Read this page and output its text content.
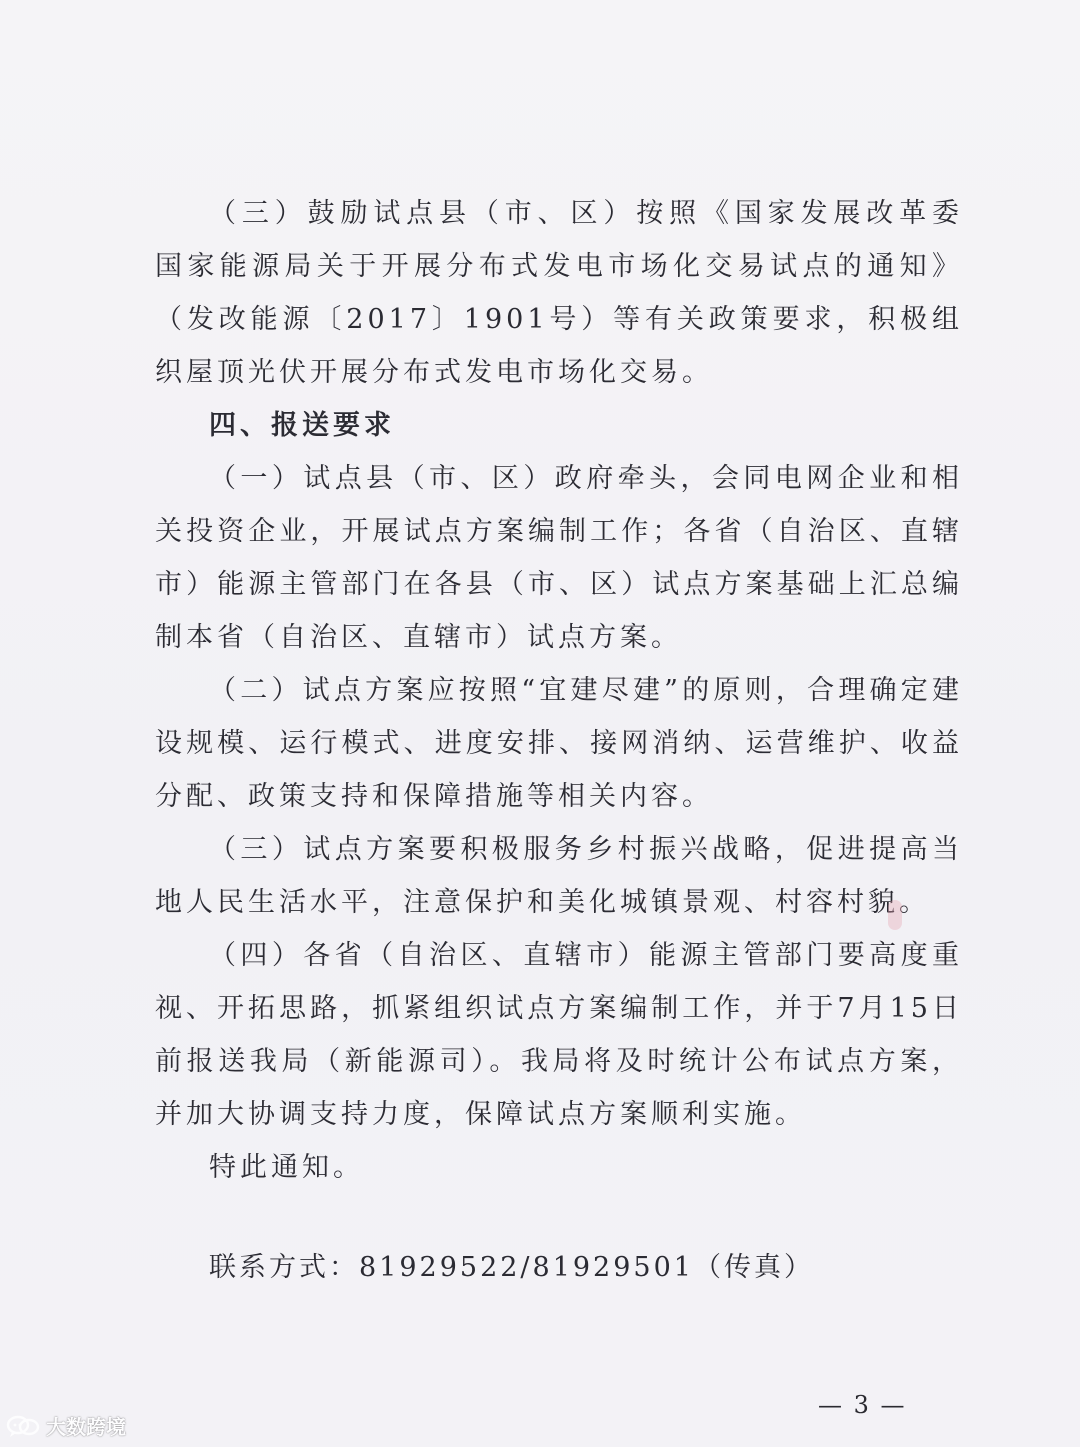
（三）鼓励试点县（市、区）按照《国家发展改革委 国家能源局关于开展分布式发电市场化交易试点的通知》（发改能源〔2017〕1901号）等有关政策要求，积极组织屋顶光伏开展分布式发电市场化交易。

四、报送要求

（一）试点县（市、区）政府牵头，会同电网企业和相关投资企业，开展试点方案编制工作；各省（自治区、直辖市）能源主管部门在各县（市、区）试点方案基础上汇总编制本省（自治区、直辖市）试点方案。

（二）试点方案应按照“宜建尽建”的原则，合理确定建设规模、运行模式、进度安排、接网消纳、运营维护、收益分配、政策支持和保障措施等相关内容。

（三）试点方案要积极服务乡村振兴战略，促进提高当地人民生活水平，注意保护和美化城镇景观、村容村貌。

（四）各省（自治区、直辖市）能源主管部门要高度重视、开拓思路，抓紧组织试点方案编制工作，并于7月15日前报送我局（新能源司）。我局将及时统计公布试点方案，并加大协调支持力度，保障试点方案顺利实施。

特此通知。

联系方式：81929522/81929501（传真）

— 3 —
大数跨境
